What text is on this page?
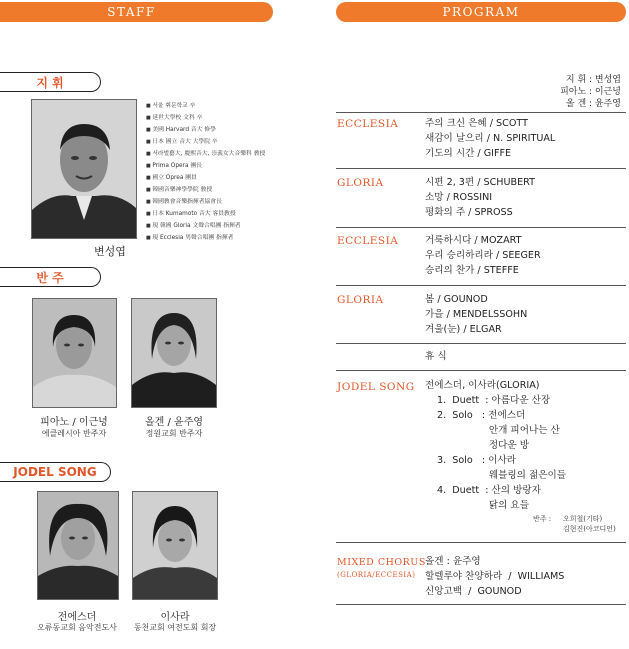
STAFF
지 휘
변성엽
■ 서울 휘문학교 卒
■ 延世大學校 文科 卒
■ 美國 Harvard 音大 修學
■ 日本 國立 音大 大學院 卒
■ 서라벌藝大, 慶熙音大, 崇義女大音樂科 敎授
■ Prima Opera 團長
■ 國立 Oprea 團員
■ 韓國音樂神學學院 敎授
■ 韓國敎會音樂指揮者協會長
■ 日本 Kumamoto 音大 客員敎授
■ 現 韓國 Gloria 文聲合唱團 指揮者
■ 現 Ecclesia 男聲合唱團 指揮者
반 주
피아노 / 이근녕
에클레시아 반주자
올겐 / 윤주영
정원교회 반주자
JODEL SONG
전에스더
오류동교회 음악전도사
이사라
동천교회 여전도회 회장
PROGRAM
지 휘 : 변성엽
피아노 : 이근녕
올 겐 : 윤주영
ECCLESIA	주의 크신 은혜 / SCOTT
새감이 날으리 / N. SPIRITUAL
기도의 시간 / GIFFE
GLORIA	시편 2, 3편 / SCHUBERT
소망 / ROSSINI
평화의 주 / SPROSS
ECCLESIA	거룩하시다 / MOZART
우리 승리하리라 / SEEGER
승리의 찬가 / STEFFE
GLORIA	봄 / GOUNOD
가을 / MENDELSSOHN
겨울(눈) / ELGAR
휴 식
JODEL SONG 전에스더, 이사라(GLORIA)
1.  Duett  : 아름다운 산장
2.  Solo   : 전에스더
안개 피어나는 산
정다운 방
3.  Solo   : 이사라
웨블링의 젊은이들
4.  Duett  : 산의 방랑자
닭의 요들
반주 : 오희철(기타)
김현진(아코디언)
MIXED CHORUS
(GLORIA/ECCESIA)
올겐 : 윤주영
할렐루야 찬양하라  /  WILLIAMS
신앙고백  /  GOUNOD
